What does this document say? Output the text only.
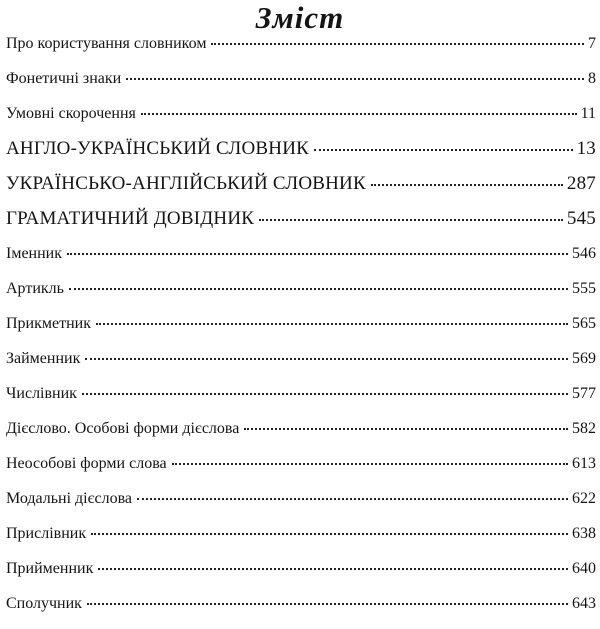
Зміст
Про користування словником	7
Фонетичні знаки	8
Умовні скорочення	11
АНГЛО-УКРАЇНСЬКИЙ СЛОВНИК	13
УКРАЇНСЬКО-АНГЛІЙСЬКИЙ СЛОВНИК	287
ГРАМАТИЧНИЙ ДОВІДНИК	545
Іменник	546
Артикль	555
Прикметник	565
Займенник	569
Числівник	577
Дієслово. Особові форми дієслова	582
Неособові форми слова	613
Модальні дієслова	622
Прислівник	638
Прийменник	640
Сполучник	643
